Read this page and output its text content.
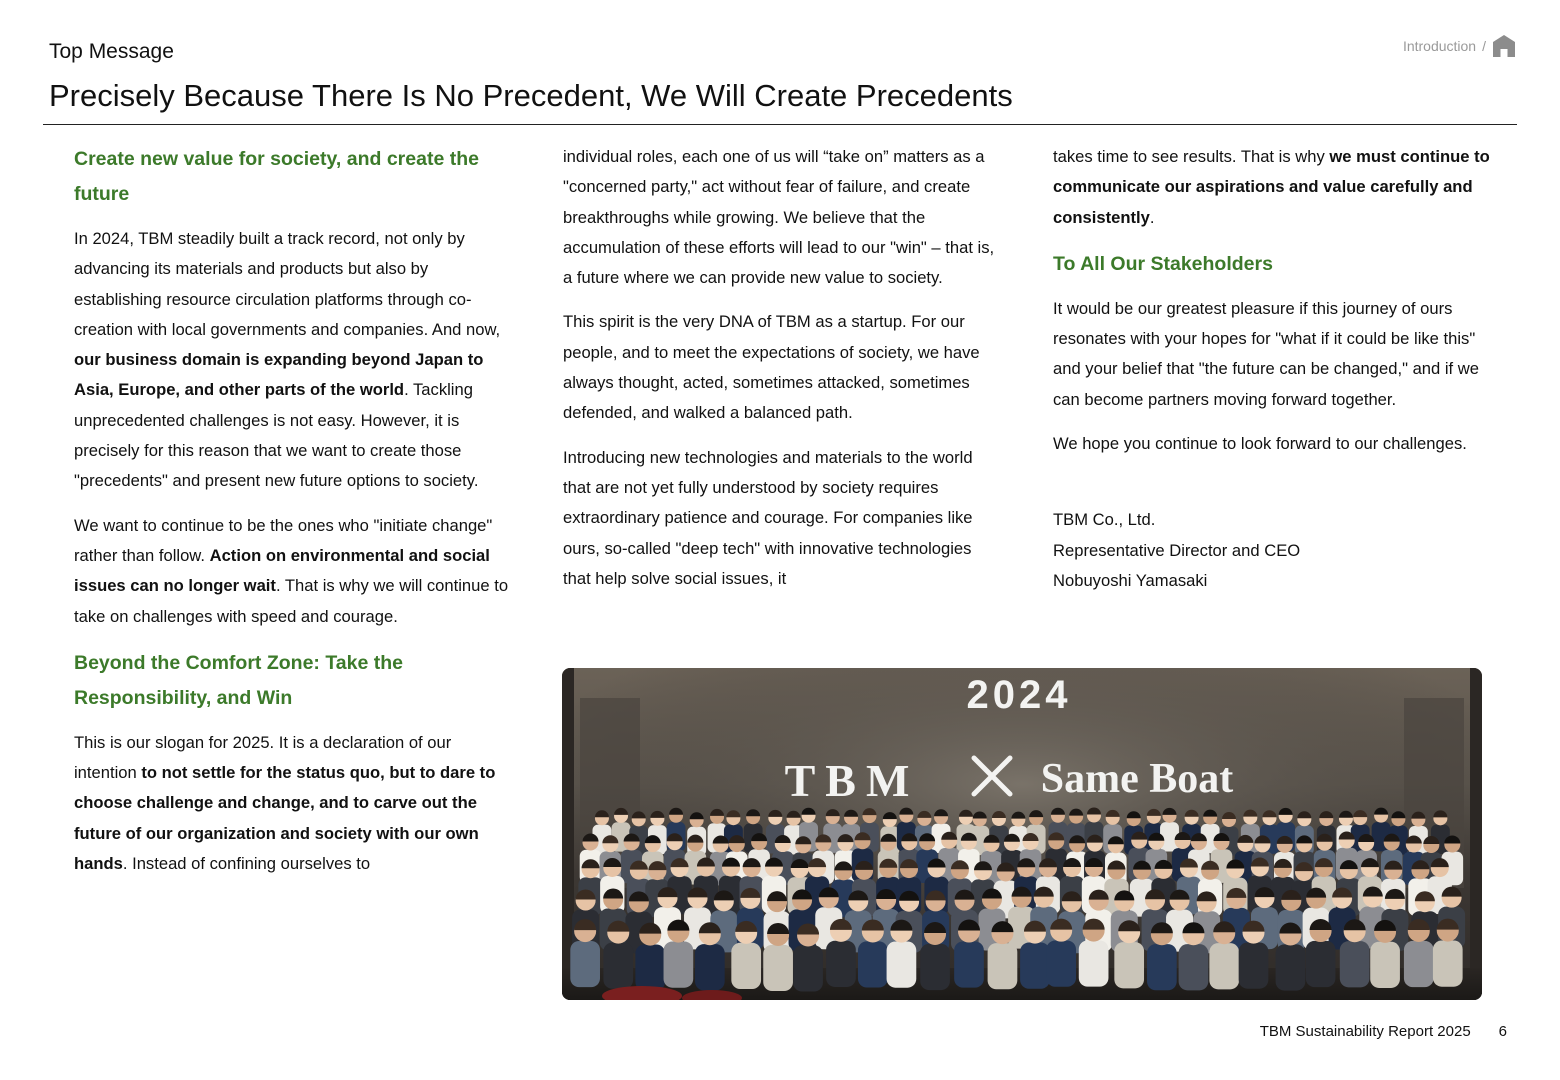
Top Message	Introduction /
Precisely Because There Is No Precedent, We Will Create Precedents
Create new value for society, and create the future

In 2024, TBM steadily built a track record, not only by advancing its materials and products but also by establishing resource circulation platforms through co-creation with local governments and companies. And now, our business domain is expanding beyond Japan to Asia, Europe, and other parts of the world. Tackling unprecedented challenges is not easy. However, it is precisely for this reason that we want to create those "precedents" and present new future options to society.

We want to continue to be the ones who "initiate change" rather than follow. Action on environmental and social issues can no longer wait. That is why we will continue to take on challenges with speed and courage.

Beyond the Comfort Zone: Take the Responsibility, and Win

This is our slogan for 2025. It is a declaration of our intention to not settle for the status quo, but to dare to choose challenge and change, and to carve out the future of our organization and society with our own hands. Instead of confining ourselves to

individual roles, each one of us will “take on” matters as a "concerned party," act without fear of failure, and create breakthroughs while growing. We believe that the accumulation of these efforts will lead to our "win" – that is, a future where we can provide new value to society.

This spirit is the very DNA of TBM as a startup. For our people, and to meet the expectations of society, we have always thought, acted, sometimes attacked, sometimes defended, and walked a balanced path.

Introducing new technologies and materials to the world that are not yet fully understood by society requires extraordinary patience and courage. For companies like ours, so-called "deep tech" with innovative technologies that help solve social issues, it

takes time to see results. That is why we must continue to communicate our aspirations and value carefully and consistently.

To All Our Stakeholders

It would be our greatest pleasure if this journey of ours resonates with your hopes for "what if it could be like this" and your belief that "the future can be changed," and if we can become partners moving forward together.

We hope you continue to look forward to our challenges.

TBM Co., Ltd.
Representative Director and CEO
Nobuyoshi Yamasaki
2024
TBM	Same Boat
TBM Sustainability Report 2025 6
